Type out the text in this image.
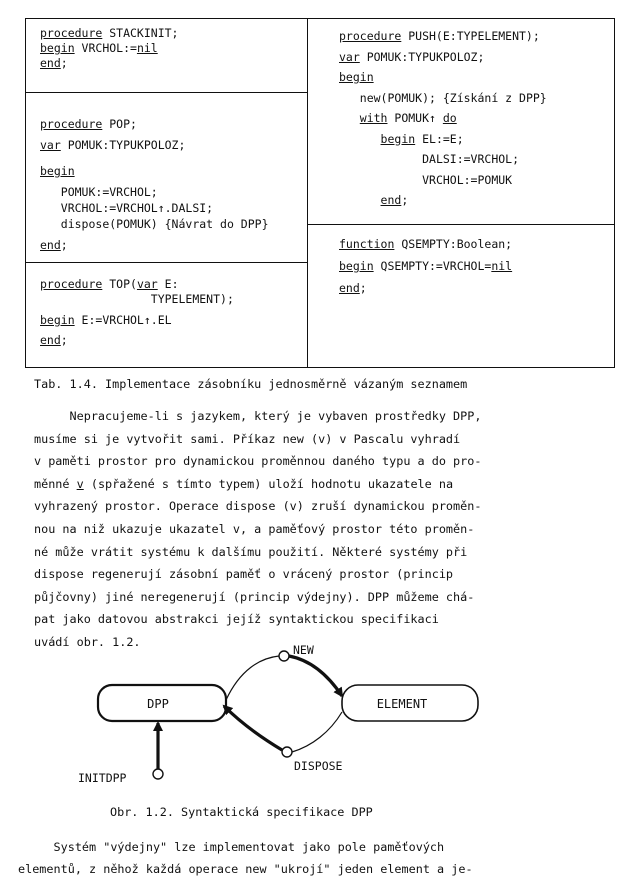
procedure STACKINIT;
begin VRCHOL:=nil
end;
procedure POP;
var POMUK:TYPUKPOLOZ;
begin
POMUK:=VRCHOL;
VRCHOL:=VRCHOL↑.DALSI;
dispose(POMUK) {Návrat do DPP}
end;
procedure TOP(var E:
TYPELEMENT);
begin E:=VRCHOL↑.EL
end;
procedure PUSH(E:TYPELEMENT);
var POMUK:TYPUKPOLOZ;
begin
new(POMUK); {Získání z DPP}
with POMUK↑ do
begin EL:=E;
DALSI:=VRCHOL;
VRCHOL:=POMUK
end;
function QSEMPTY:Boolean;
begin QSEMPTY:=VRCHOL=nil
end;
Tab. 1.4. Implementace zásobníku jednosměrně vázaným seznamem
Nepracujeme-li s jazykem, který je vybaven prostředky DPP,
musíme si je vytvořit sami. Příkaz new (v) v Pascalu vyhradí
v paměti prostor pro dynamickou proměnnou daného typu a do pro-
měnné v (spřažené s tímto typem) uloží hodnotu ukazatele na
vyhrazený prostor. Operace dispose (v) zruší dynamickou proměn-
nou na niž ukazuje ukazatel v, a paměťový prostor této proměn-
né může vrátit systému k dalšímu použití. Některé systémy při
dispose regenerují zásobní paměť o vrácený prostor (princip
půjčovny) jiné neregenerují (princip výdejny). DPP můžeme chá-
pat jako datovou abstrakci jejíž syntaktickou specifikaci
uvádí obr. 1.2.
DPP	ELEMENT
NEW
DISPOSE
INITDPP
Obr. 1.2. Syntaktická specifikace DPP
Systém "výdejny" lze implementovat jako pole paměťových
elementů, z něhož každá operace new "ukrojí" jeden element a je-
